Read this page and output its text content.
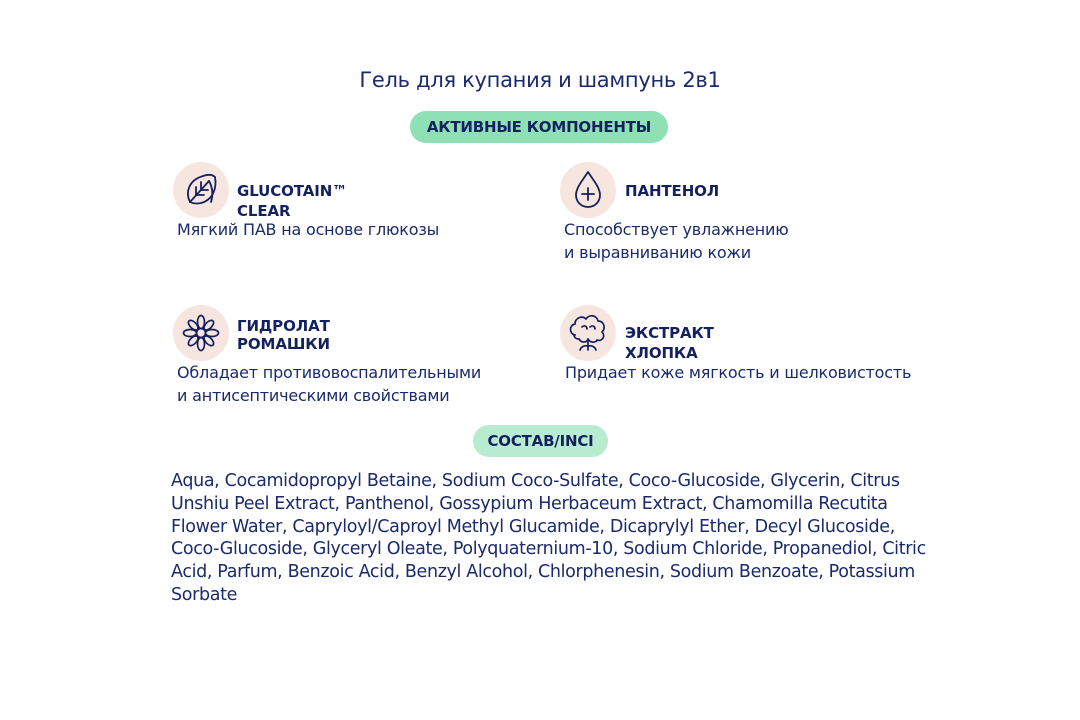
Гель для купания и шампунь 2в1
АКТИВНЫЕ КОМПОНЕНТЫ
GLUCOTAIN™ CLEAR
Мягкий ПАВ на основе глюкозы
ПАНТЕНОЛ
Способствует увлажнению
и выравниванию кожи
ГИДРОЛАТ
РОМАШКИ
Обладает противовоспалительными
и антисептическими свойствами
ЭКСТРАКТ ХЛОПКА
Придает коже мягкость и шелковистость
СОСТАВ/INCI
Aqua, Cocamidopropyl Betaine, Sodium Coco-Sulfate, Coco-Glucoside, Glycerin, Citrus Unshiu Peel Extract, Panthenol, Gossypium Herbaceum Extract, Chamomilla Recutita Flower Water, Capryloyl/Caproyl Methyl Glucamide, Dicaprylyl Ether, Decyl Glucoside, Coco-Glucoside, Glyceryl Oleate, Polyquaternium-10, Sodium Chloride, Propanediol, Citric Acid, Parfum, Benzoic Acid, Benzyl Alcohol, Chlorphenesin, Sodium Benzoate, Potassium Sorbate
